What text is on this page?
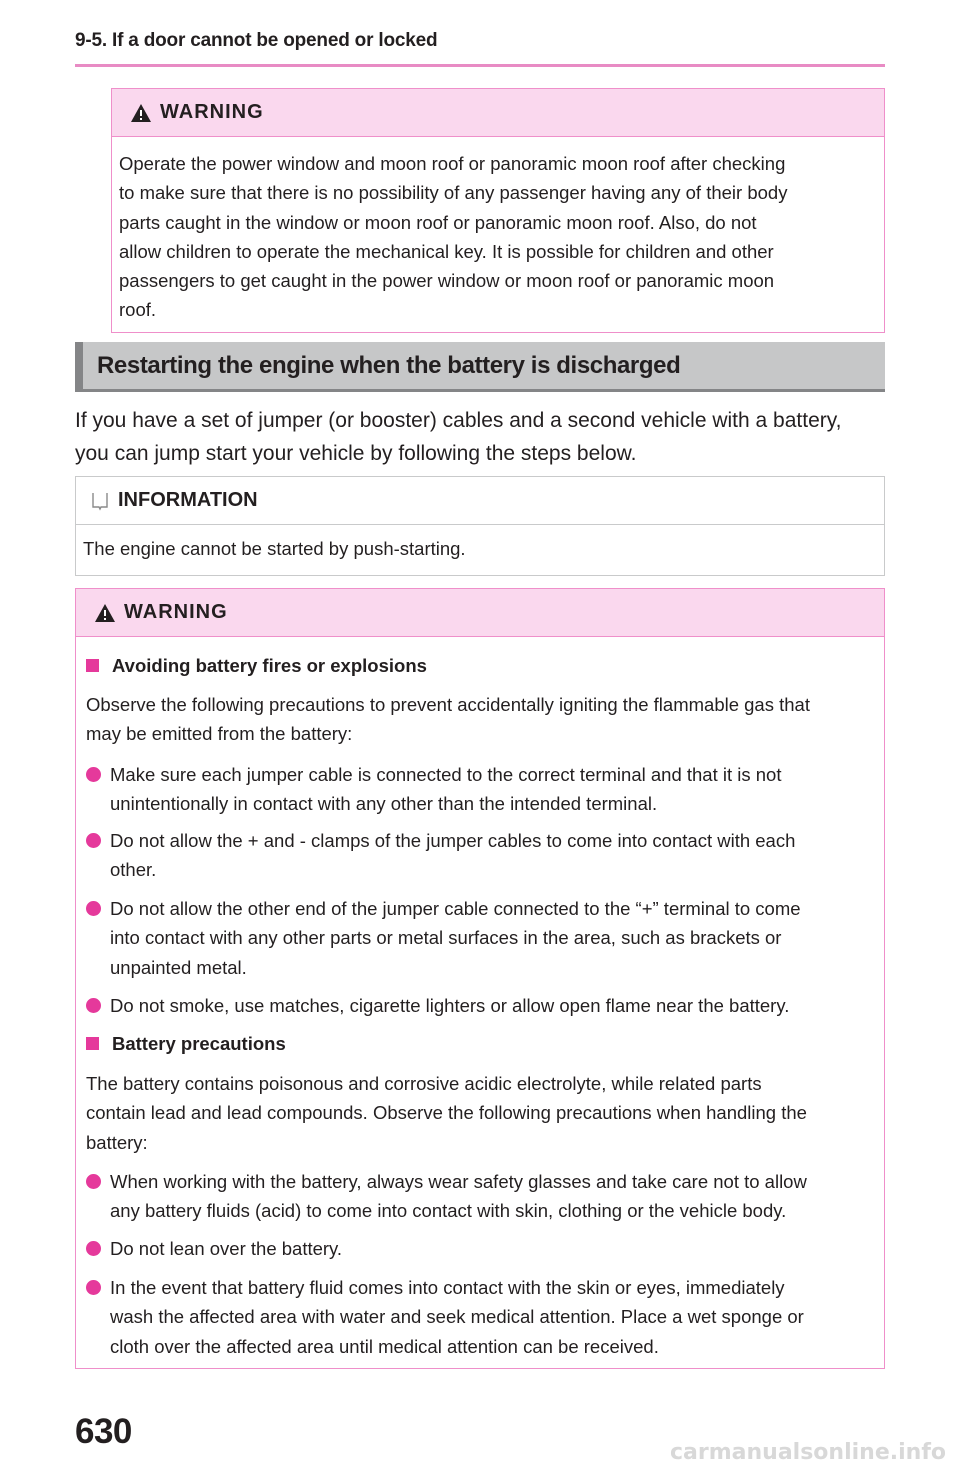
9-5. If a door cannot be opened or locked
WARNING
Operate the power window and moon roof or panoramic moon roof after checking
to make sure that there is no possibility of any passenger having any of their body
parts caught in the window or moon roof or panoramic moon roof. Also, do not
allow children to operate the mechanical key. It is possible for children and other
passengers to get caught in the power window or moon roof or panoramic moon
roof.
Restarting the engine when the battery is discharged
If you have a set of jumper (or booster) cables and a second vehicle with a battery,
you can jump start your vehicle by following the steps below.
INFORMATION
The engine cannot be started by push-starting.
WARNING
Avoiding battery fires or explosions
Observe the following precautions to prevent accidentally igniting the flammable gas that
may be emitted from the battery:
Make sure each jumper cable is connected to the correct terminal and that it is not
unintentionally in contact with any other than the intended terminal.
Do not allow the + and - clamps of the jumper cables to come into contact with each
other.
Do not allow the other end of the jumper cable connected to the “+” terminal to come
into contact with any other parts or metal surfaces in the area, such as brackets or
unpainted metal.
Do not smoke, use matches, cigarette lighters or allow open flame near the battery.
Battery precautions
The battery contains poisonous and corrosive acidic electrolyte, while related parts
contain lead and lead compounds. Observe the following precautions when handling the
battery:
When working with the battery, always wear safety glasses and take care not to allow
any battery fluids (acid) to come into contact with skin, clothing or the vehicle body.
Do not lean over the battery.
In the event that battery fluid comes into contact with the skin or eyes, immediately
wash the affected area with water and seek medical attention. Place a wet sponge or
cloth over the affected area until medical attention can be received.
630
carmanualsonline.info
